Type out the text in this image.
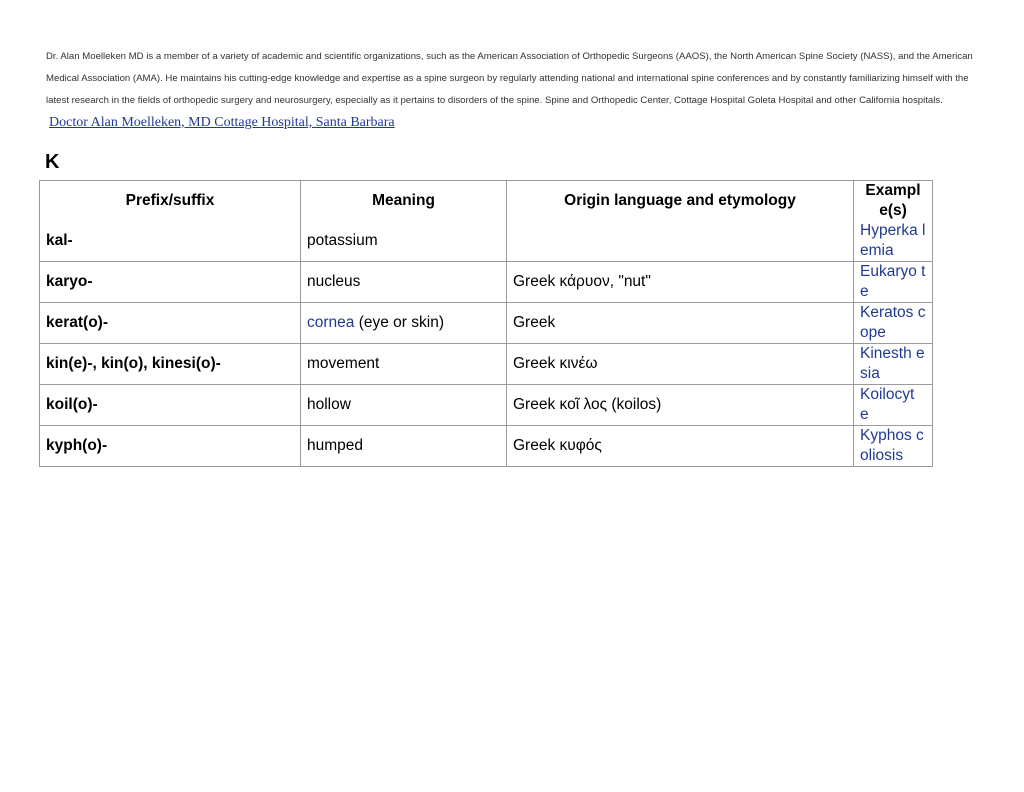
Dr. Alan Moelleken MD is a member of a variety of academic and scientific organizations, such as the American Association of Orthopedic Surgeons (AAOS), the North American Spine Society (NASS), and the American Medical Association (AMA). He maintains his cutting-edge knowledge and expertise as a spine surgeon by regularly attending national and international spine conferences and by constantly familiarizing himself with the latest research in the fields of orthopedic surgery and neurosurgery, especially as it pertains to disorders of the spine. Spine and Orthopedic Center, Cottage Hospital Goleta Hospital and other California hospitals. Doctor Alan Moelleken, MD Cottage Hospital, Santa Barbara
K
Prefix/suffix	Meaning	Origin language and etymology	Exampl e(s)
kal-	potassium		Hyperka lemia
karyo-	nucleus	Greek κάρυον, "nut"	Eukaryo te
kerat(o)-	cornea (eye or skin)	Greek	Keratos cope
kin(e)-, kin(o), kinesi(o)-	movement	Greek κινέω	Kinesth esia
koil(o)-	hollow	Greek κοῖ λος (koilos)	Koilocyt e
kyph(o)-	humped	Greek κυφός	Kyphos coliosis
